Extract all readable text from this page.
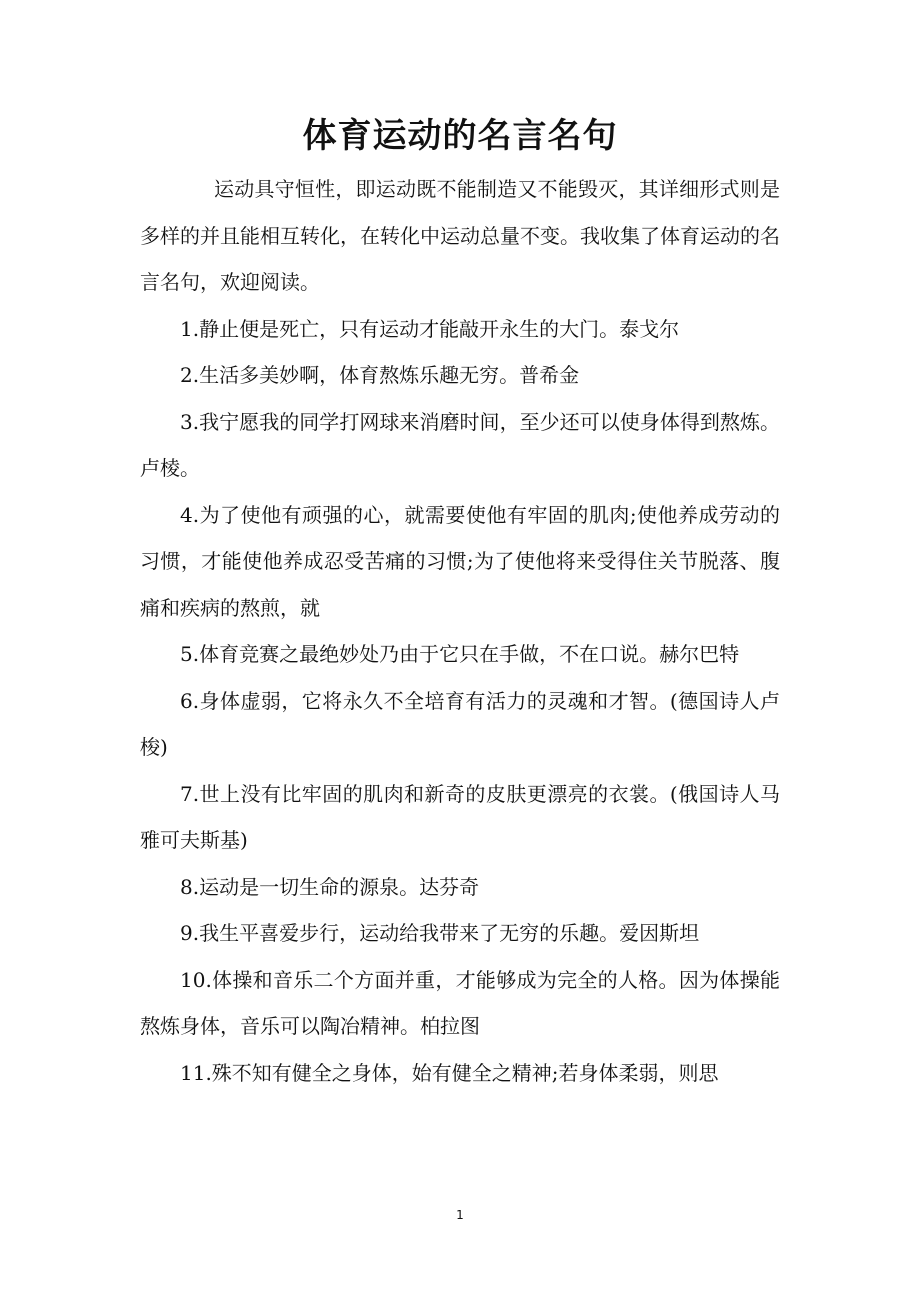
体育运动的名言名句

运动具守恒性，即运动既不能制造又不能毁灭，其详细形式则是多样的并且能相互转化，在转化中运动总量不变。我收集了体育运动的名言名句，欢迎阅读。

1.静止便是死亡，只有运动才能敲开永生的大门。泰戈尔

2.生活多美妙啊，体育熬炼乐趣无穷。普希金

3.我宁愿我的同学打网球来消磨时间，至少还可以使身体得到熬炼。卢棱。

4.为了使他有顽强的心，就需要使他有牢固的肌肉;使他养成劳动的习惯，才能使他养成忍受苦痛的习惯;为了使他将来受得住关节脱落、腹痛和疾病的熬煎，就

5.体育竞赛之最绝妙处乃由于它只在手做，不在口说。赫尔巴特

6.身体虚弱，它将永久不全培育有活力的灵魂和才智。(德国诗人卢梭)

7.世上没有比牢固的肌肉和新奇的皮肤更漂亮的衣裳。(俄国诗人马雅可夫斯基)

8.运动是一切生命的源泉。达芬奇

9.我生平喜爱步行，运动给我带来了无穷的乐趣。爱因斯坦

10.体操和音乐二个方面并重，才能够成为完全的人格。因为体操能熬炼身体，音乐可以陶冶精神。柏拉图

11.殊不知有健全之身体，始有健全之精神;若身体柔弱，则思

1
